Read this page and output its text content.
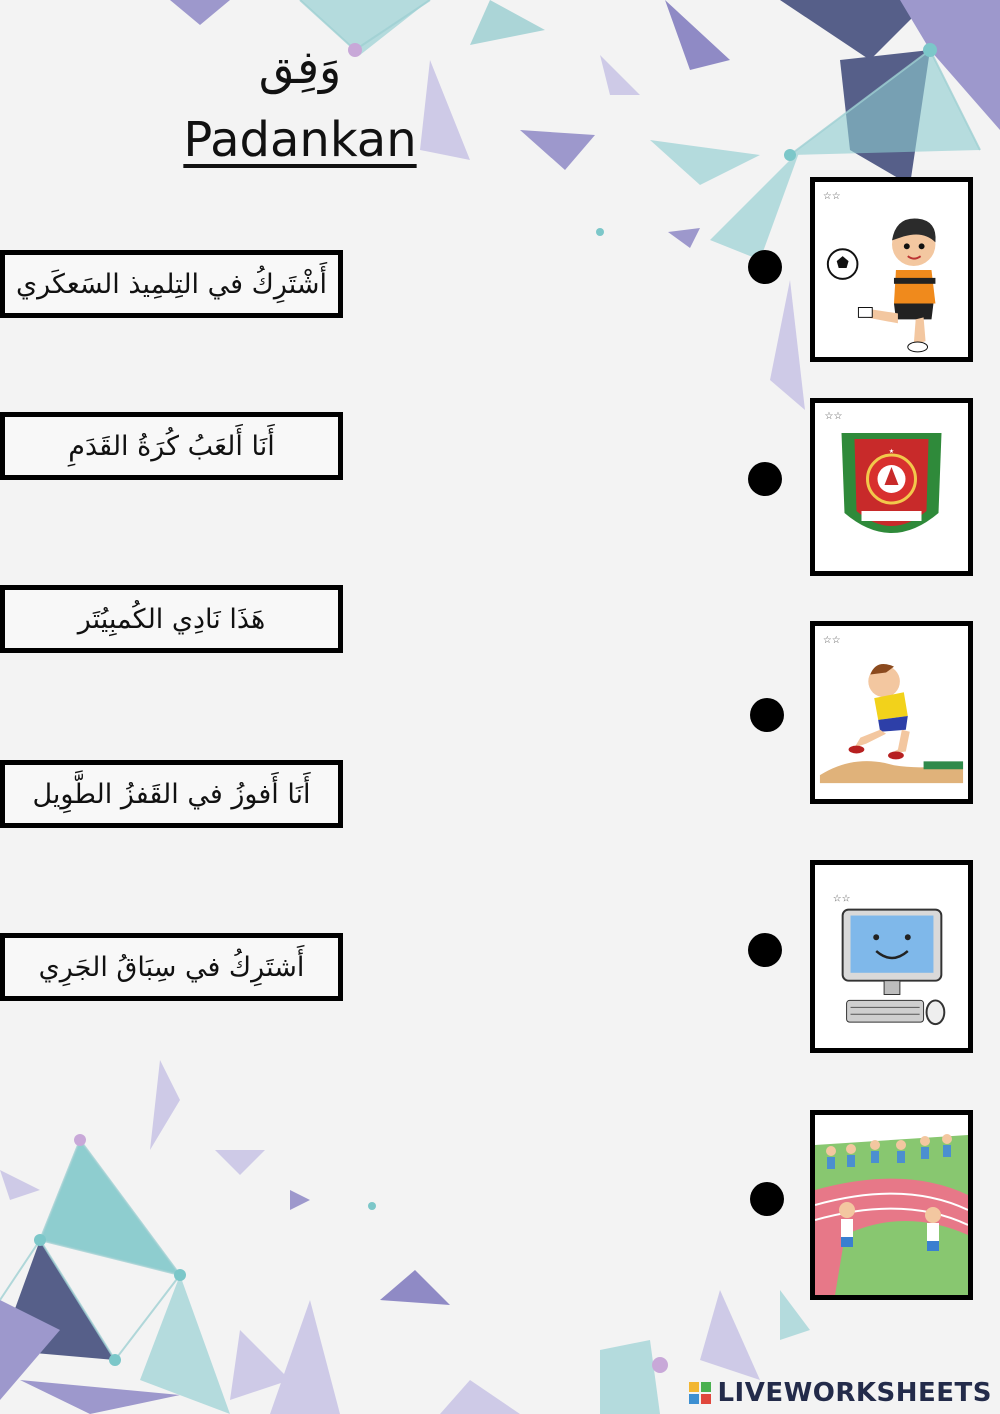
وَفِق
Padankan
أَشْتَرِكُ في التِلمِيذ السَعكَري
أَنَا أَلعَبُ كُرَةُ القَدَمِ
هَذَا نَادِي الكُمبِيُتَر
أَنَا أَفوزُ في القَفزُ الطَّوِيل
أَشتَرِكُ في سِبَاقُ الجَرِي
☆☆
☆☆
★
☆☆
☆☆
LIVEWORKSHEETS
